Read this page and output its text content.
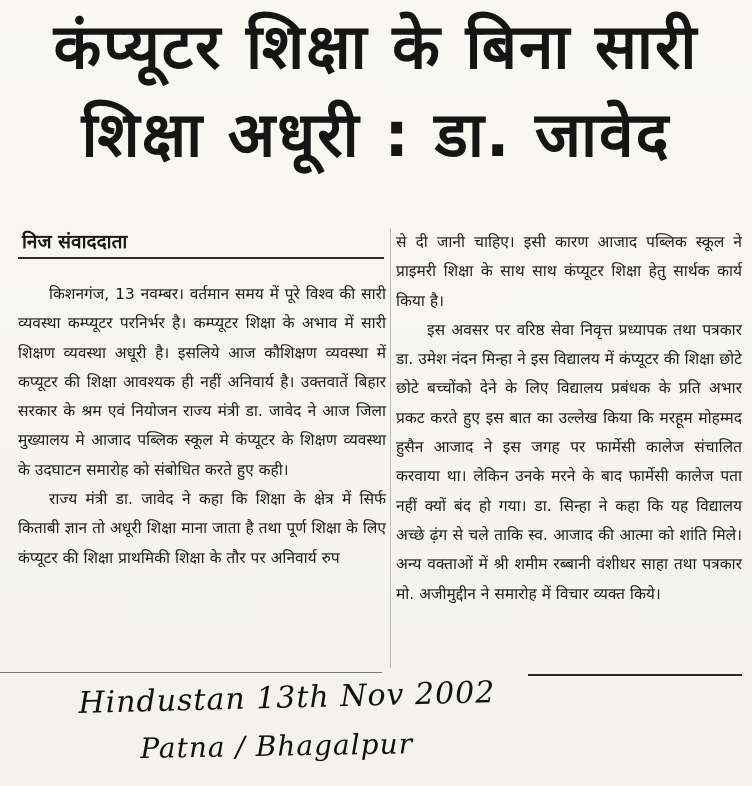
कंप्यूटर शिक्षा के बिना सारी
शिक्षा अधूरी : डा. जावेद
निज संवाददाता

किशनगंज, 13 नवम्बर। वर्तमान समय में पूरे विश्व की सारी व्यवस्था कम्प्यूटर परनिर्भर है। कम्प्यूटर शिक्षा के अभाव में सारी शिक्षण व्यवस्था अधूरी है। इसलिये आज कौशिक्षण व्यवस्था में कप्यूटर की शिक्षा आवश्यक ही नहीं अनिवार्य है। उक्तवातें बिहार सरकार के श्रम एवं नियोजन राज्य मंत्री डा. जावेद ने आज जिला मुख्यालय मे आजाद पब्लिक स्कूल मे कंप्यूटर के शिक्षण व्यवस्था के उदघाटन समारोह को संबोधित करते हुए कही।

राज्य मंत्री डा. जावेद ने कहा कि शिक्षा के क्षेत्र में सिर्फ किताबी ज्ञान तो अधूरी शिक्षा माना जाता है तथा पूर्ण शिक्षा के लिए कंप्यूटर की शिक्षा प्राथमिकी शिक्षा के तौर पर अनिवार्य रुप

से दी जानी चाहिए। इसी कारण आजाद पब्लिक स्कूल ने प्राइमरी शिक्षा के साथ साथ कंप्यूटर शिक्षा हेतु सार्थक कार्य किया है।

इस अवसर पर वरिष्ठ सेवा निवृत्त प्रध्यापक तथा पत्रकार डा. उमेश नंदन मिन्हा ने इस विद्यालय में कंप्यूटर की शिक्षा छोटे छोटे बच्चोंको देने के लिए विद्यालय प्रबंधक के प्रति अभार प्रकट करते हुए इस बात का उल्लेख किया कि मरहूम मोहम्मद हुसैन आजाद ने इस जगह पर फार्मेसी कालेज संचालित करवाया था। लेकिन उनके मरने के बाद फार्मेसी कालेज पता नहीं क्यों बंद हो गया। डा. सिन्हा ने कहा कि यह विद्यालय अच्छे ढ़ंग से चले ताकि स्व. आजाद की आत्मा को शांति मिले। अन्य वक्ताओं में श्री शमीम रब्बानी वंशीधर साहा तथा पत्रकार मो. अजीमुद्दीन ने समारोह में विचार व्यक्त किये।

Hindustan 13th Nov 2002
Patna / Bhagalpur
